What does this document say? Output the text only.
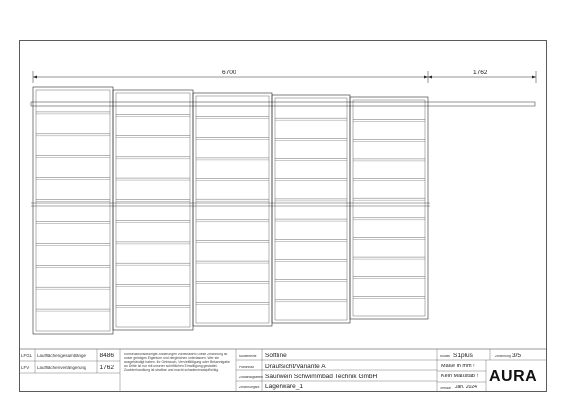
6700	1762
LFGL Laufflächengesamtlänge 8486
LFV Laufflächenverlängerung 1762
Konstruktionsbedingte Änderungen vorbehalten! Diese Zeichnung ist unser geistiges Eigentum und dergleichen unterlassen. Wer sie ausgehändigt haben. Ihr Gebrauch, Vervielfältigung oder Bekanntgabe an Dritte ist nur mit unserer schriftlichen Einwilligung gestattet. Zuwiderhandlung ist strafbar und macht schadenersatzpflichtig.
Modellreihe Softline
Planinhalt Draufsicht/Variante A
Zuständigkeiten Saurwein Schwimmbad Technik GmbH
Zeichnungsnr. Lagerware_1
Modell S1plus	Zeichnung 3/5
Maße in mm !
Kein Maßstab !
Version Jan. 2024
AURA
